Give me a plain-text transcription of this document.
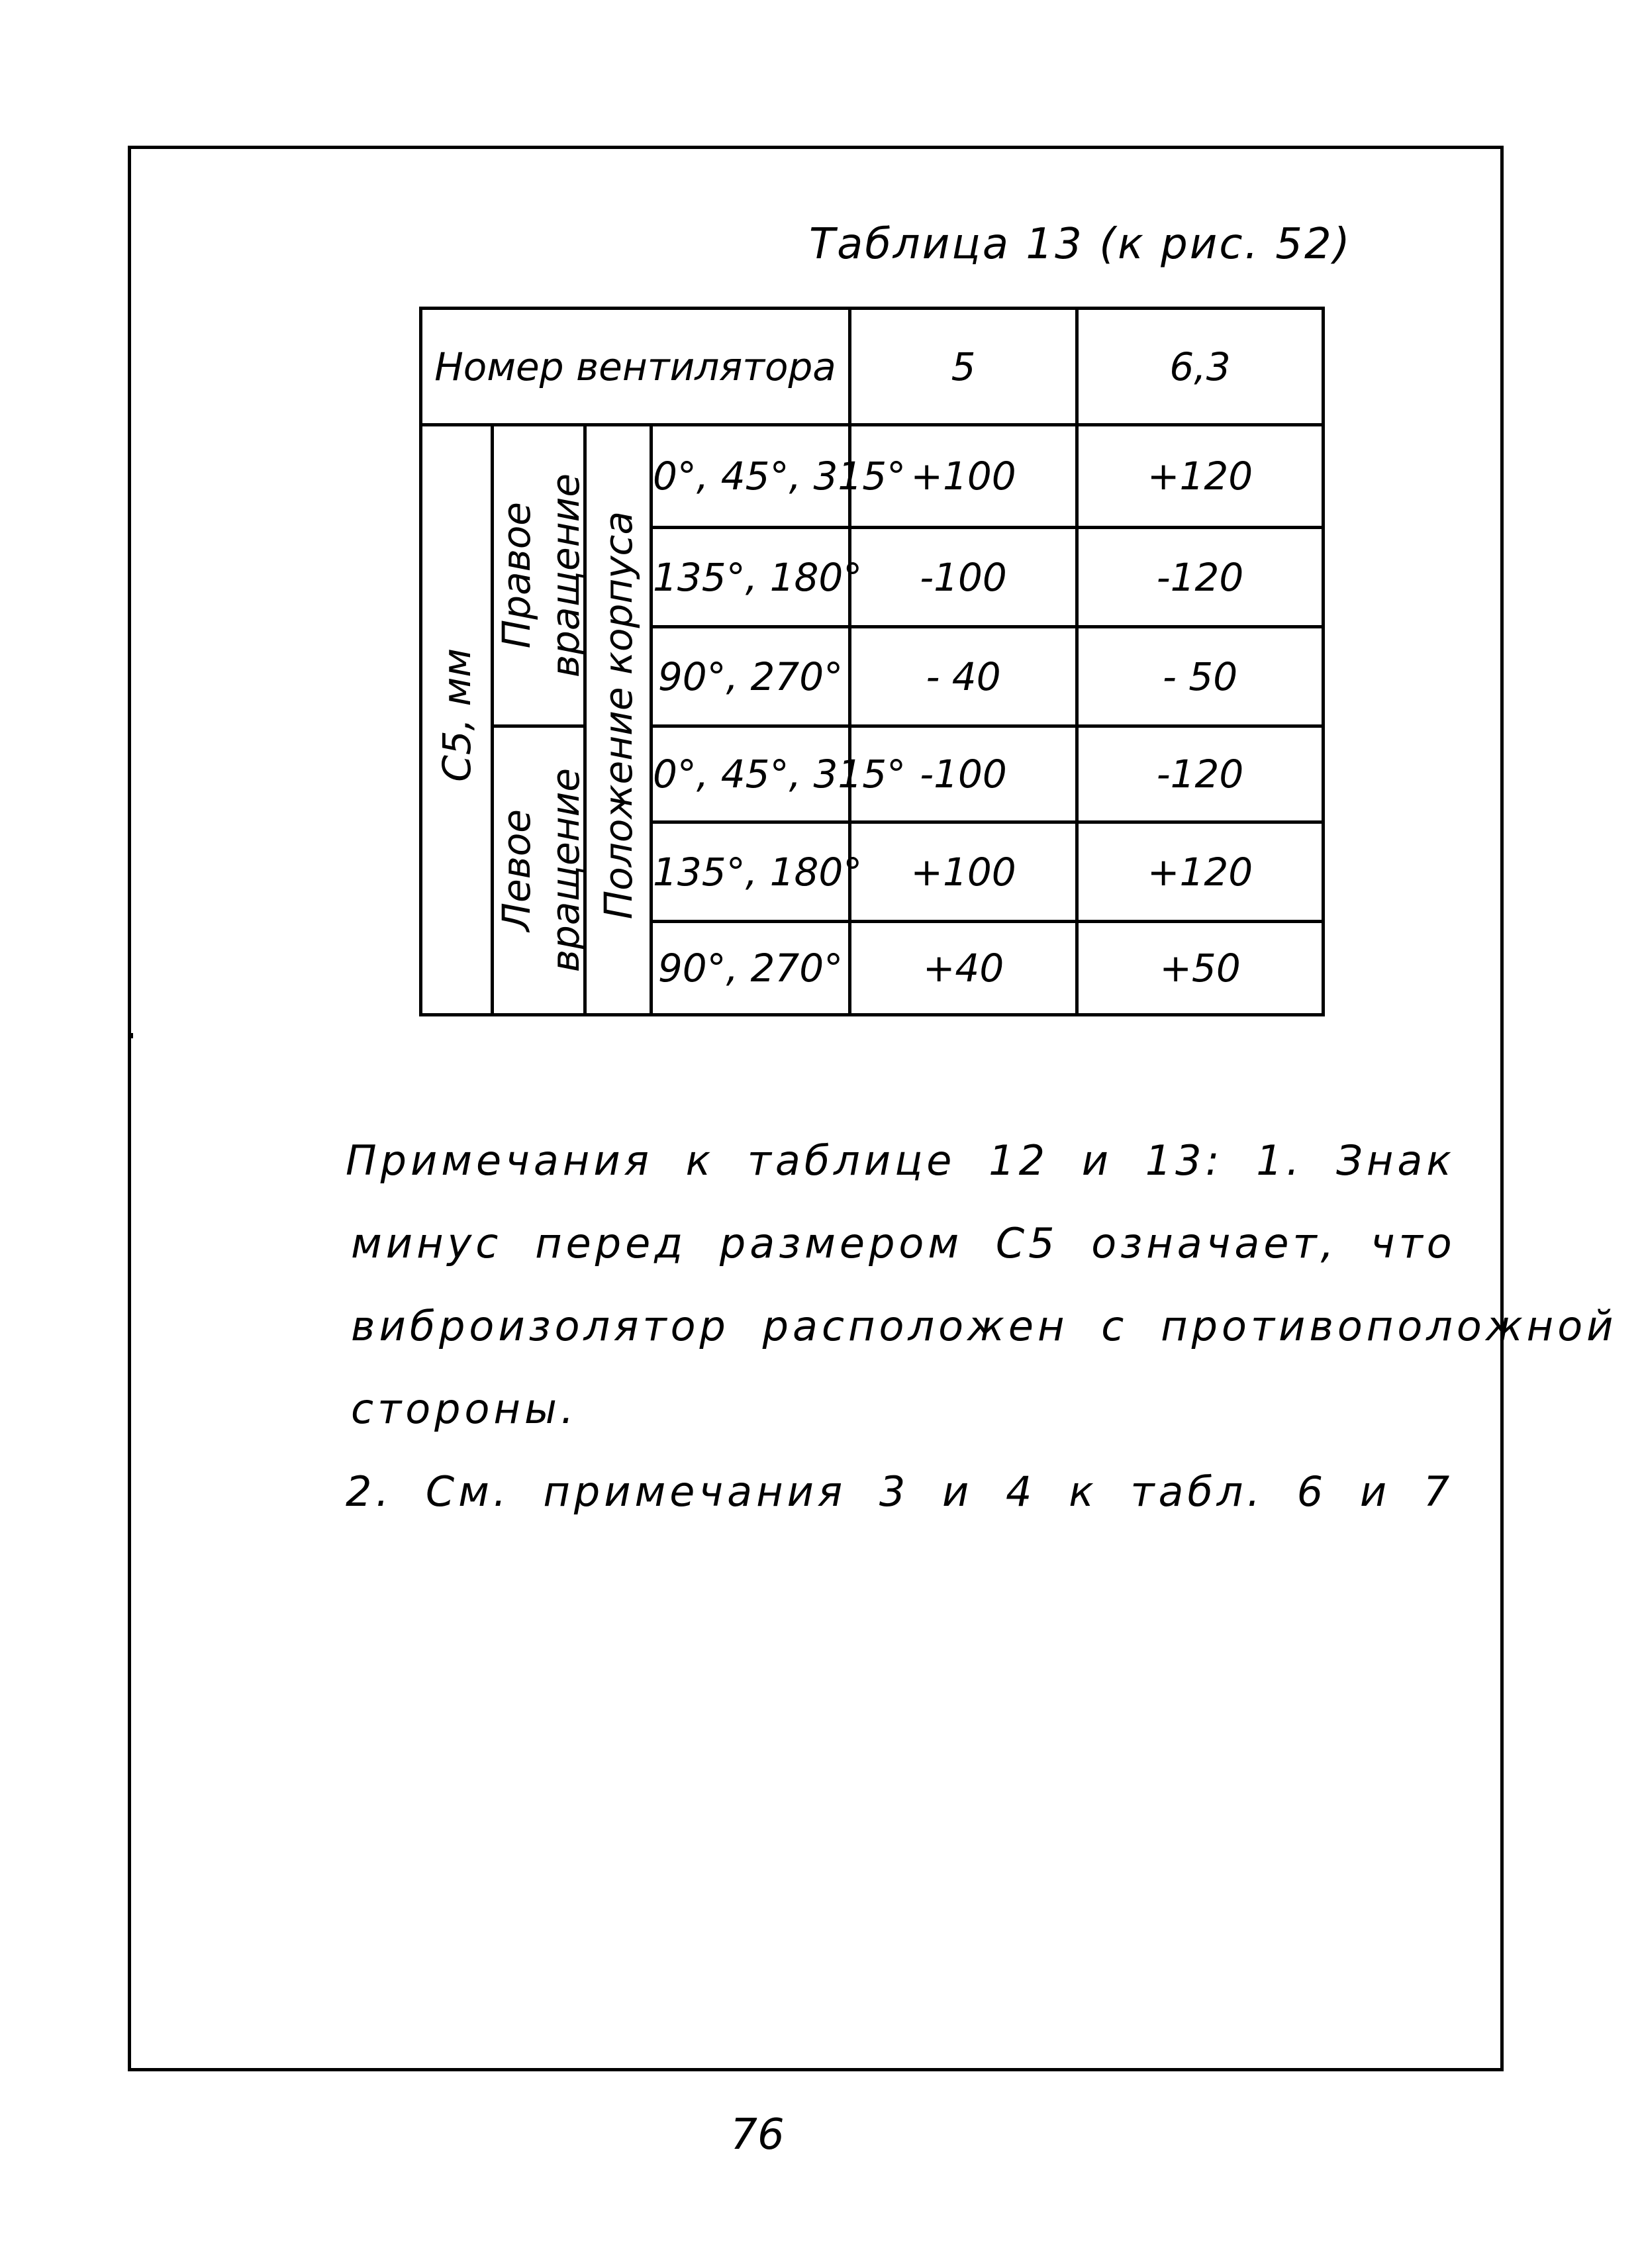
Таблица 13 (к рис. 52)
Номер вентилятора				5	6,3
C5, мм	Правое вращение	Положение корпуса	0°, 45°, 315°	+100	+120
			135°, 180°	-100	-120
			90°, 270°	- 40	- 50

	Левое вращение		0°, 45°, 315°	-100	-120
			135°, 180°	+100	+120
			90°, 270°	+40	+50
Примечания к таблице 12 и 13: 1. Знак
минус перед размером C5 означает, что
виброизолятор расположен с противоположной
стороны.
2. См. примечания 3 и 4 к табл. 6 и 7
76
